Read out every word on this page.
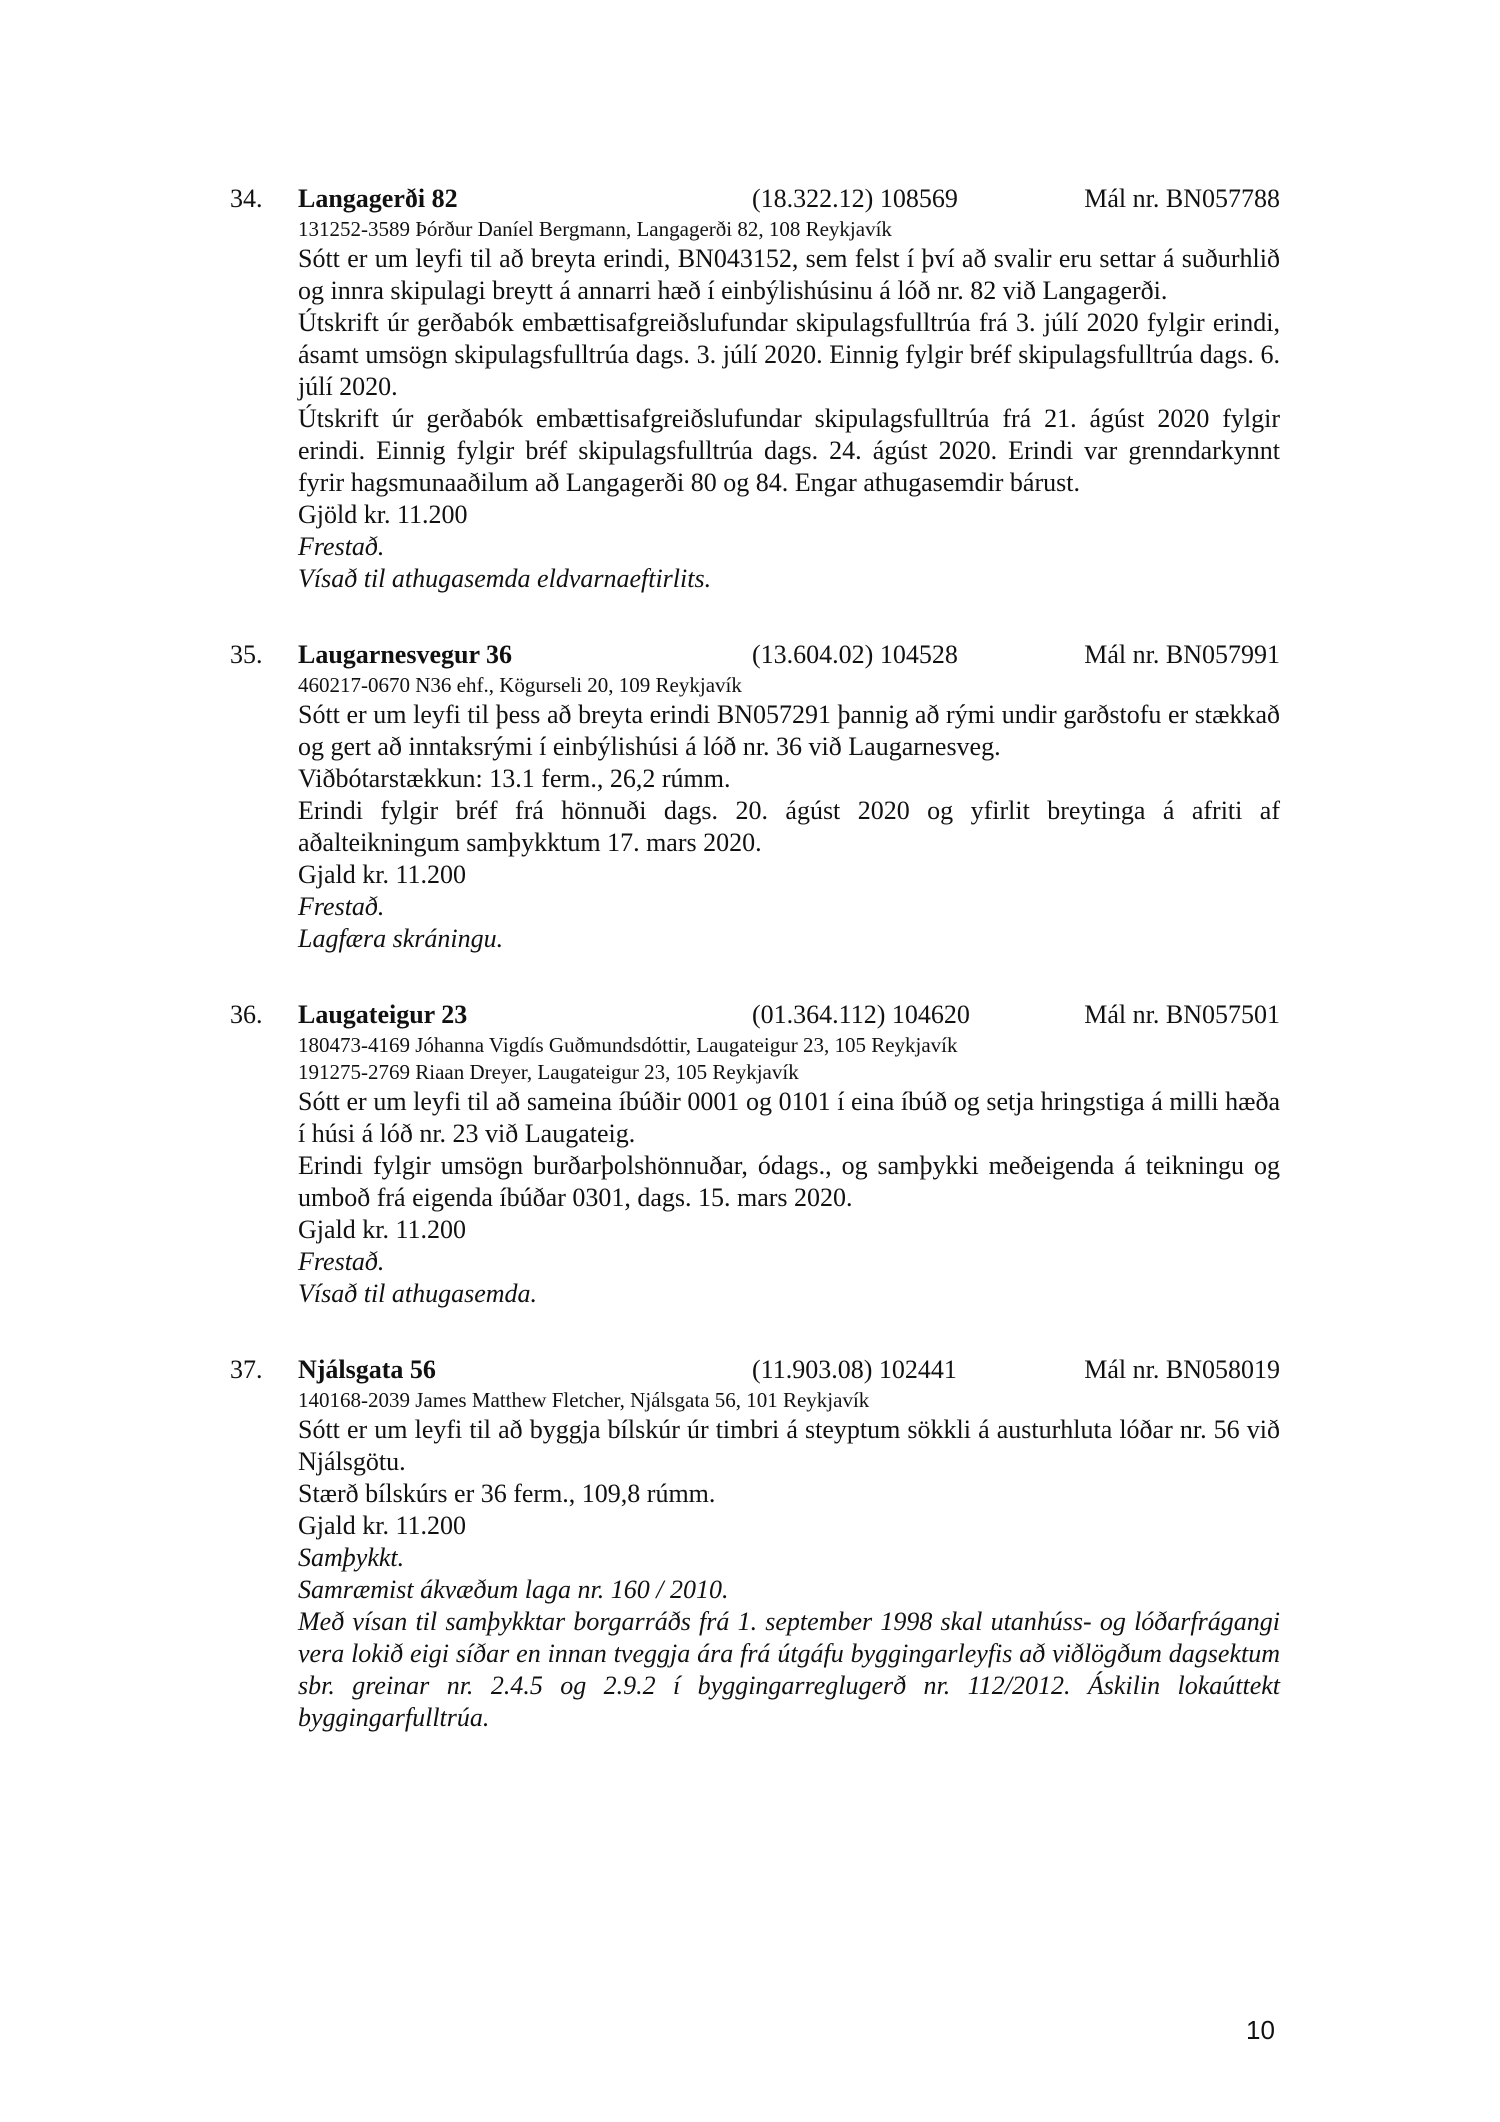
34. Langagerði 82	(18.322.12) 108569	Mál nr. BN057788

131252-3589 Þórður Daníel Bergmann, Langagerði 82, 108 Reykjavík

Sótt er um leyfi til að breyta erindi, BN043152, sem felst í því að svalir eru settar á suðurhlið og innra skipulagi breytt á annarri hæð í einbýlishúsinu á lóð nr. 82 við Langagerði.

Útskrift úr gerðabók embættisafgreiðslufundar skipulagsfulltrúa frá 3. júlí 2020 fylgir erindi, ásamt umsögn skipulagsfulltrúa dags. 3. júlí 2020. Einnig fylgir bréf skipulagsfulltrúa dags. 6. júlí 2020.

Útskrift úr gerðabók embættisafgreiðslufundar skipulagsfulltrúa frá 21. ágúst 2020 fylgir erindi. Einnig fylgir bréf skipulagsfulltrúa dags. 24. ágúst 2020. Erindi var grenndarkynnt fyrir hagsmunaaðilum að Langagerði 80 og 84. Engar athugasemdir bárust.

Gjöld kr. 11.200

Frestað.

Vísað til athugasemda eldvarnaeftirlits.

35. Laugarnesvegur 36	(13.604.02) 104528	Mál nr. BN057991

460217-0670 N36 ehf., Kögurseli 20, 109 Reykjavík

Sótt er um leyfi til þess að breyta erindi BN057291 þannig að rými undir garðstofu er stækkað og gert að inntaksrými í einbýlishúsi á lóð nr. 36 við Laugarnesveg.

Viðbótarstækkun: 13.1 ferm., 26,2 rúmm.

Erindi fylgir bréf frá hönnuði dags. 20. ágúst 2020 og yfirlit breytinga á afriti af aðalteikningum samþykktum 17. mars 2020.

Gjald kr. 11.200

Frestað.

Lagfæra skráningu.

36. Laugateigur 23	(01.364.112) 104620	Mál nr. BN057501

180473-4169 Jóhanna Vigdís Guðmundsdóttir, Laugateigur 23, 105 Reykjavík

191275-2769 Riaan Dreyer, Laugateigur 23, 105 Reykjavík

Sótt er um leyfi til að sameina íbúðir 0001 og 0101 í eina íbúð og setja hringstiga á milli hæða í húsi á lóð nr. 23 við Laugateig.

Erindi fylgir umsögn burðarþolshönnuðar, ódags., og samþykki meðeigenda á teikningu og umboð frá eigenda íbúðar 0301, dags. 15. mars 2020.

Gjald kr. 11.200

Frestað.

Vísað til athugasemda.

37. Njálsgata 56	(11.903.08) 102441	Mál nr. BN058019

140168-2039 James Matthew Fletcher, Njálsgata 56, 101 Reykjavík

Sótt er um leyfi til að byggja bílskúr úr timbri á steyptum sökkli á austurhluta lóðar nr. 56 við Njálsgötu.

Stærð bílskúrs er 36 ferm., 109,8 rúmm.

Gjald kr. 11.200

Samþykkt.

Samræmist ákvæðum laga nr. 160 / 2010.

Með vísan til samþykktar borgarráðs frá 1. september 1998 skal utanhúss- og lóðarfrágangi vera lokið eigi síðar en innan tveggja ára frá útgáfu byggingarleyfis að viðlögðum dagsektum sbr. greinar nr. 2.4.5 og 2.9.2 í byggingarreglugerð nr. 112/2012. Áskilin lokaúttekt byggingarfulltrúa.

10
